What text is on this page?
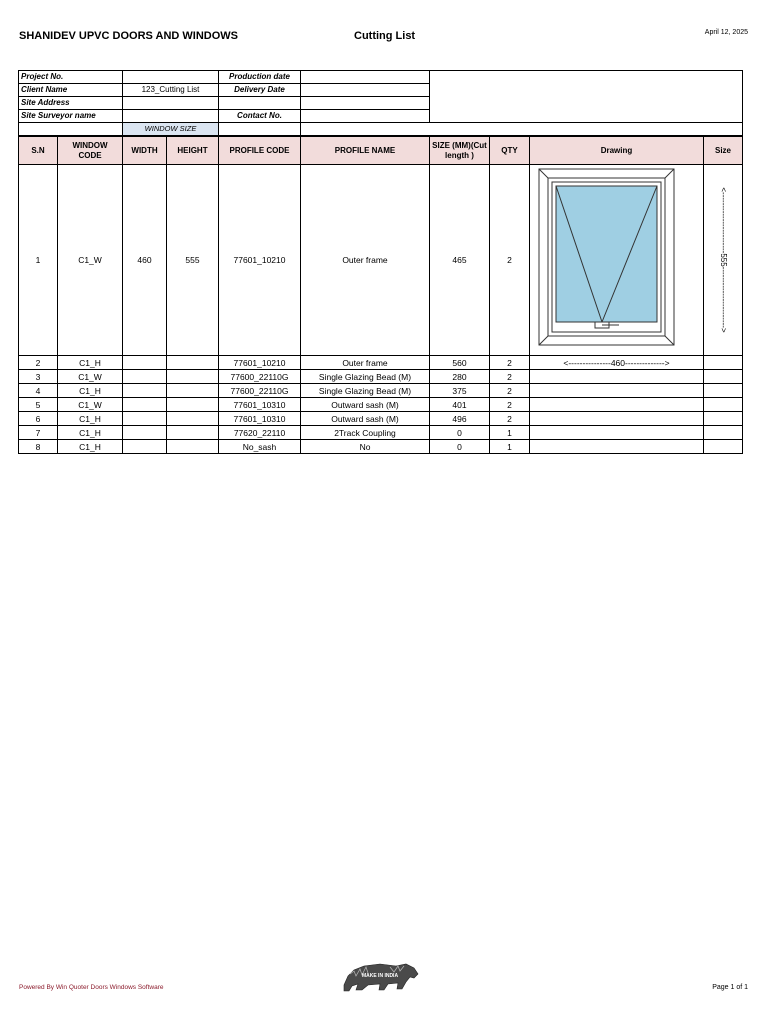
SHANIDEV UPVC DOORS AND WINDOWS	Cutting List	April 12, 2025
Project No.		Production date		
Client Name	123_Cutting List	Delivery Date		
Site Address				
Site Surveyor name		Contact No.		

	WINDOW SIZE			

S.N	WINDOW CODE	WIDTH	HEIGHT	PROFILE CODE	PROFILE NAME	SIZE (MM)(Cut length )	QTY	Drawing	Size
1	C1_W	460	555	77601_10210	Outer frame	465	2		<-----------------------555----------------------->

2	C1_H			77601_10210	Outer frame	560	2	<---------------460-------------->	
3	C1_W			77600_22110G	Single Glazing Bead (M)	280	2		
4	C1_H			77600_22110G	Single Glazing Bead (M)	375	2		
5	C1_W			77601_10310	Outward sash (M)	401	2		
6	C1_H			77601_10310	Outward sash (M)	496	2		
7	C1_H			77620_22110	2Track Coupling	0	1		
8	C1_H			No_sash	No	0	1		
Powered By Win Quoter Doors Windows Software
MAKE IN INDIA
Page 1 of 1
